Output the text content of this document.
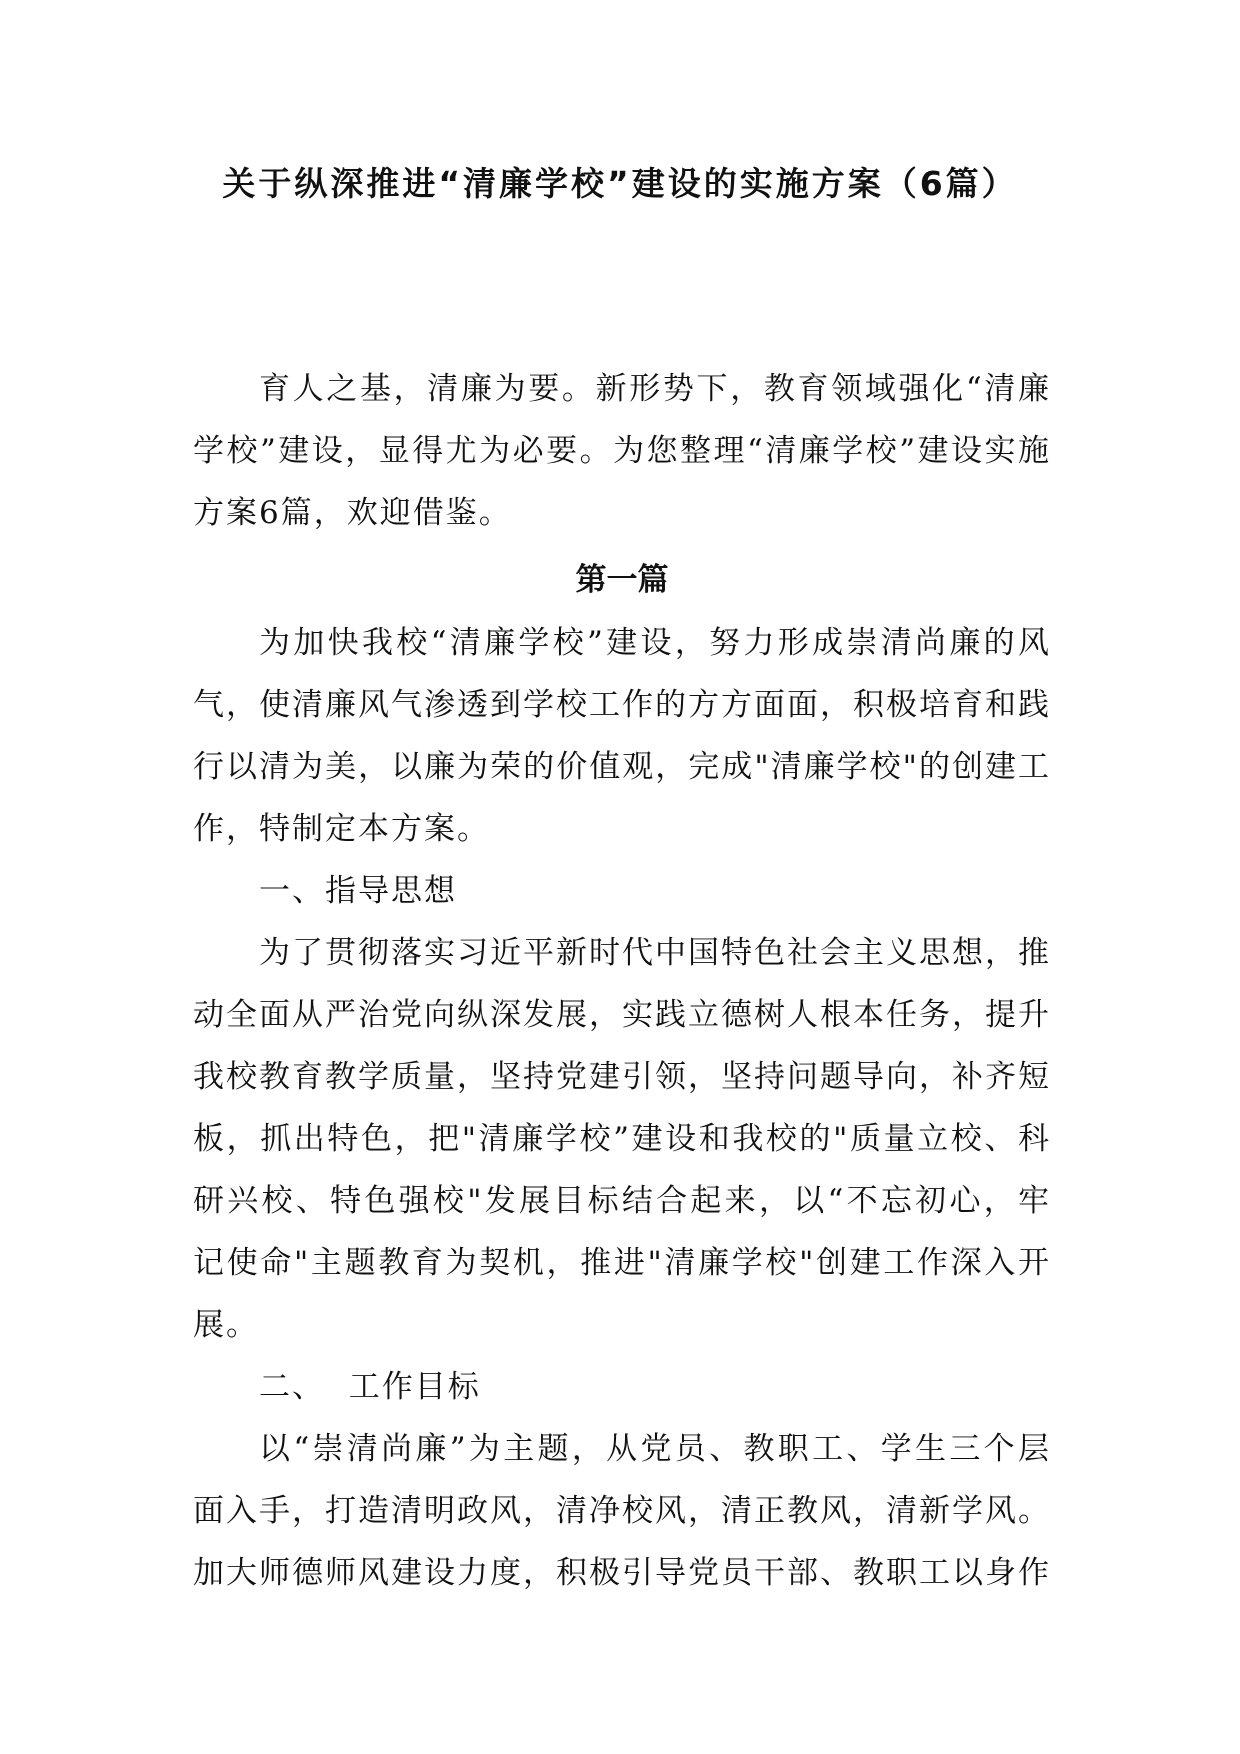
关于纵深推进“清廉学校”建设的实施方案（6篇）

育人之基，清廉为要。新形势下，教育领域强化“清廉学校”建设，显得尤为必要。为您整理“清廉学校”建设实施方案6篇，欢迎借鉴。

第一篇

为加快我校“清廉学校”建设，努力形成崇清尚廉的风气，使清廉风气渗透到学校工作的方方面面，积极培育和践行以清为美，以廉为荣的价值观，完成"清廉学校"的创建工作，特制定本方案。

一、指导思想

为了贯彻落实习近平新时代中国特色社会主义思想，推动全面从严治党向纵深发展，实践立德树人根本任务，提升我校教育教学质量，坚持党建引领，坚持问题导向，补齐短板，抓出特色，把"清廉学校”建设和我校的"质量立校、科研兴校、特色强校"发展目标结合起来，以“不忘初心，牢记使命"主题教育为契机，推进"清廉学校"创建工作深入开展。

二、  工作目标

以“崇清尚廉”为主题，从党员、教职工、学生三个层面入手，打造清明政风，清净校风，清正教风，清新学风。加大师德师风建设力度，积极引导党员干部、教职工以身作
